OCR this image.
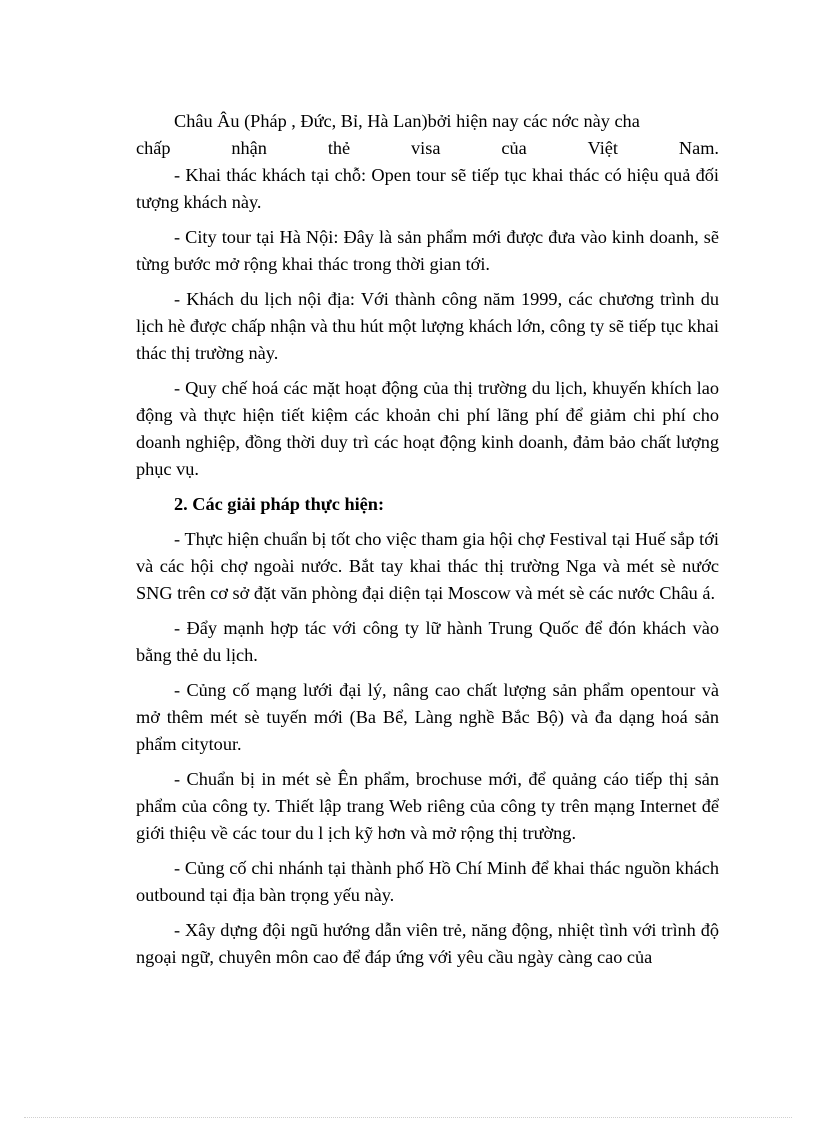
Châu Âu (Pháp , Đức, Bỉ, Hà Lan)bởi hiện nay các nớc này cha
chấp	nhận	thẻ	visa	của	Việt	Nam.

- Khai thác khách tại chỗ: Open tour sẽ tiếp tục khai thác có hiệu quả đối tượng khách này.

- City tour tại Hà Nội: Đây là sản phẩm mới được đưa vào kinh doanh, sẽ từng bước mở rộng khai thác trong thời gian tới.

- Khách du lịch nội địa: Với thành công năm 1999, các chương trình du lịch hè được chấp nhận và thu hút một lượng khách lớn, công ty sẽ tiếp tục khai thác thị trường này.

- Quy chế hoá các mặt hoạt động của thị trường du lịch, khuyến khích lao động và thực hiện tiết kiệm các khoản chi phí lãng phí để giảm chi phí cho doanh nghiệp, đồng thời duy trì các hoạt động kinh doanh, đảm bảo chất lượng phục vụ.

2. Các giải pháp thực hiện:

- Thực hiện chuẩn bị tốt cho việc tham gia hội chợ Festival tại Huế sắp tới và các hội chợ ngoài nước. Bắt tay khai thác thị trường Nga và mét sè nước SNG trên cơ sở đặt văn phòng đại diện tại Moscow và mét sè các nước Châu á.

- Đẩy mạnh hợp tác với công ty lữ hành Trung Quốc để đón khách vào bằng thẻ du lịch.

- Củng cố mạng lưới đại lý, nâng cao chất lượng sản phẩm opentour và mở thêm mét sè tuyến mới (Ba Bể, Làng nghề Bắc Bộ) và đa dạng hoá sản phẩm citytour.

- Chuẩn bị in mét sè Ên phẩm, brochuse mới, để quảng cáo tiếp thị sản phẩm của công ty. Thiết lập trang Web riêng của công ty trên mạng Internet để giới thiệu về các tour du l ịch kỹ hơn và mở rộng thị trường.

- Củng cố chi nhánh tại thành phố Hồ Chí Minh để khai thác nguồn khách outbound tại địa bàn trọng yếu này.

- Xây dựng đội ngũ hướng dẫn viên trẻ, năng động, nhiệt tình với trình độ ngoại ngữ, chuyên môn cao để đáp ứng với yêu cầu ngày càng cao của
